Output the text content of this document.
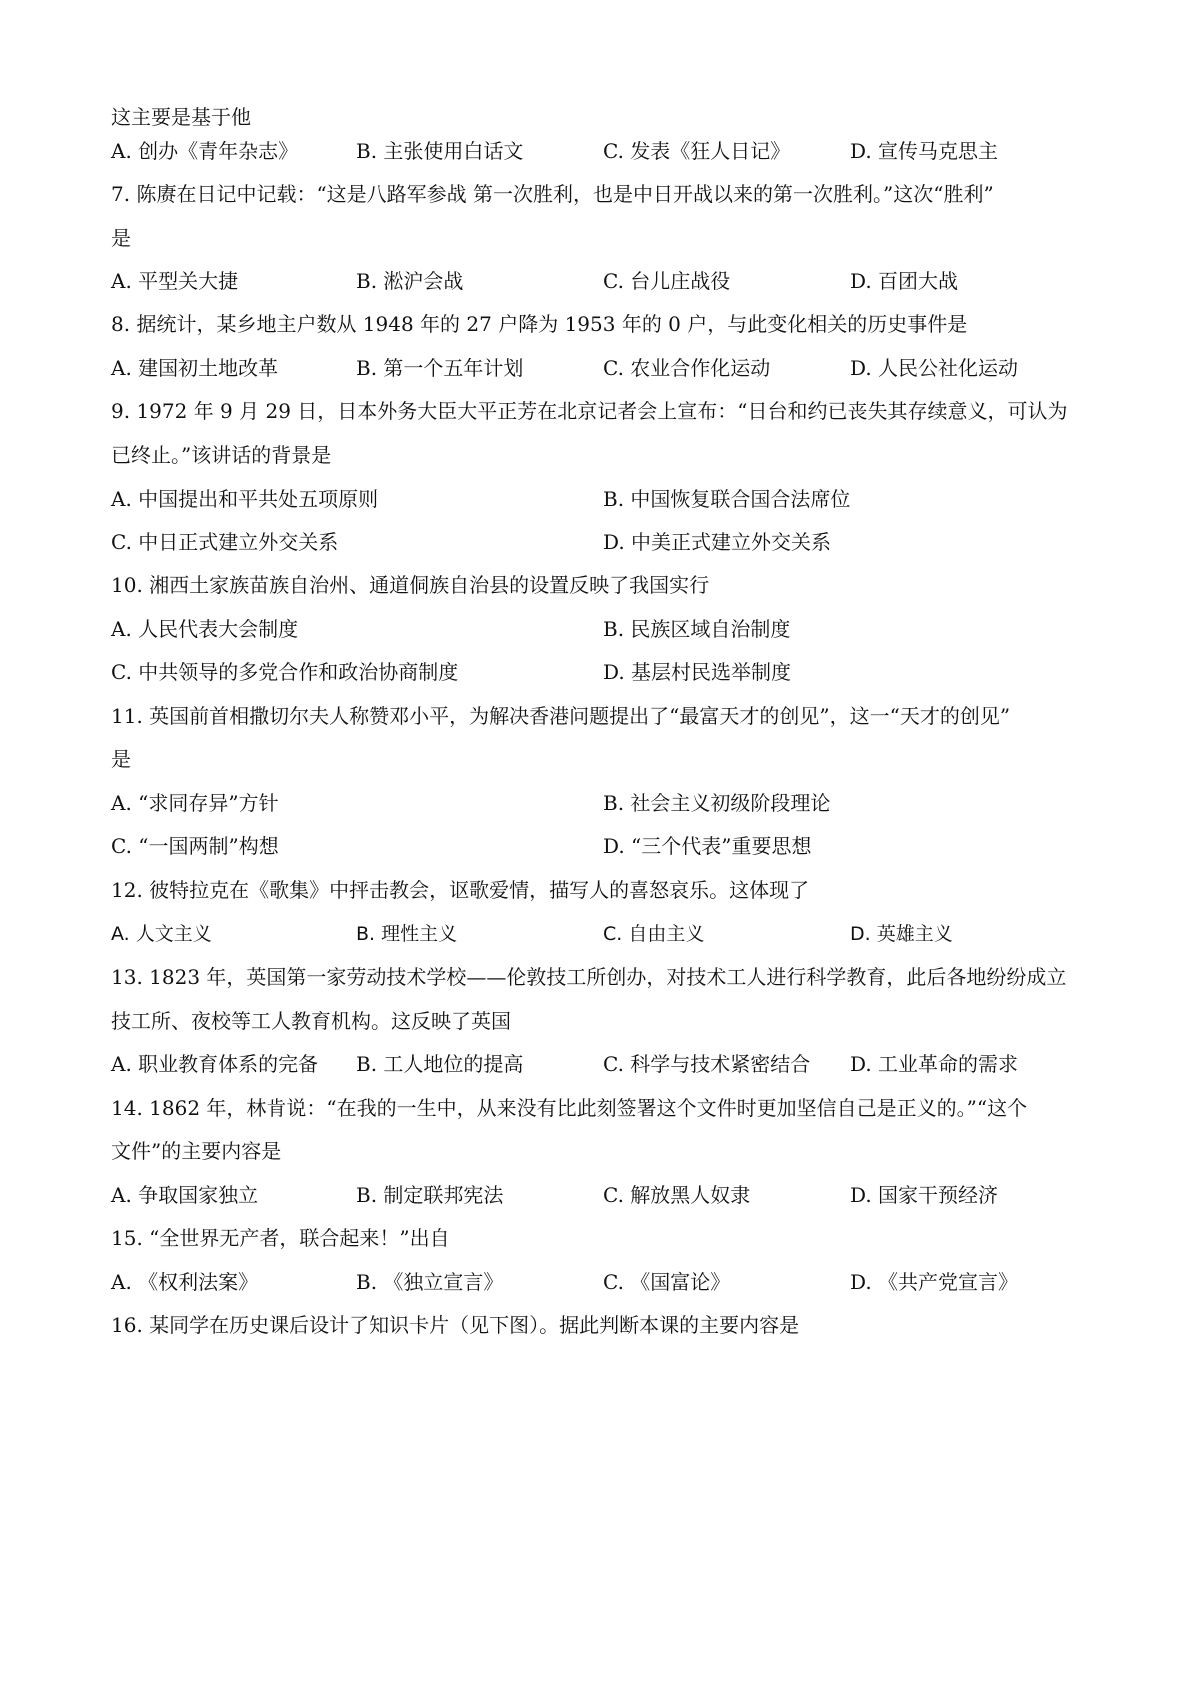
这主要是基于他
A. 创办《青年杂志》	B. 主张使用白话文	C. 发表《狂人日记》	D. 宣传马克思主
7. 陈赓在日记中记载：“这是八路军参战 第一次胜利，也是中日开战以来的第一次胜利。”这次“胜利”
是
A. 平型关大捷	B. 淞沪会战	C. 台儿庄战役	D. 百团大战
8. 据统计，某乡地主户数从 1948 年的 27 户降为 1953 年的 0 户，与此变化相关的历史事件是
A. 建国初土地改革	B. 第一个五年计划	C. 农业合作化运动	D. 人民公社化运动
9. 1972 年 9 月 29 日，日本外务大臣大平正芳在北京记者会上宣布：“日台和约已丧失其存续意义，可认为
已终止。”该讲话的背景是
A. 中国提出和平共处五项原则	B. 中国恢复联合国合法席位
C. 中日正式建立外交关系	D. 中美正式建立外交关系
10. 湘西土家族苗族自治州、通道侗族自治县的设置反映了我国实行
A. 人民代表大会制度	B. 民族区域自治制度
C. 中共领导的多党合作和政治协商制度	D. 基层村民选举制度
11. 英国前首相撒切尔夫人称赞邓小平，为解决香港问题提出了“最富天才的创见”，这一“天才的创见”
是
A. “求同存异”方针	B. 社会主义初级阶段理论
C. “一国两制”构想	D. “三个代表”重要思想
12. 彼特拉克在《歌集》中抨击教会，讴歌爱情，描写人的喜怒哀乐。这体现了
A. 人文主义	B. 理性主义	C. 自由主义	D. 英雄主义
13. 1823 年，英国第一家劳动技术学校——伦敦技工所创办，对技术工人进行科学教育，此后各地纷纷成立
技工所、夜校等工人教育机构。这反映了英国
A. 职业教育体系的完备 B. 工人地位的提高	C. 科学与技术紧密结合 D. 工业革命的需求
14. 1862 年，林肯说：“在我的一生中，从来没有比此刻签署这个文件时更加坚信自己是正义的。”“这个
文件”的主要内容是
A. 争取国家独立	B. 制定联邦宪法	C. 解放黑人奴隶	D. 国家干预经济
15. “全世界无产者，联合起来！”出自
A. 《权利法案》	B. 《独立宣言》	C. 《国富论》	D. 《共产党宣言》
16. 某同学在历史课后设计了知识卡片（见下图）。据此判断本课的主要内容是
